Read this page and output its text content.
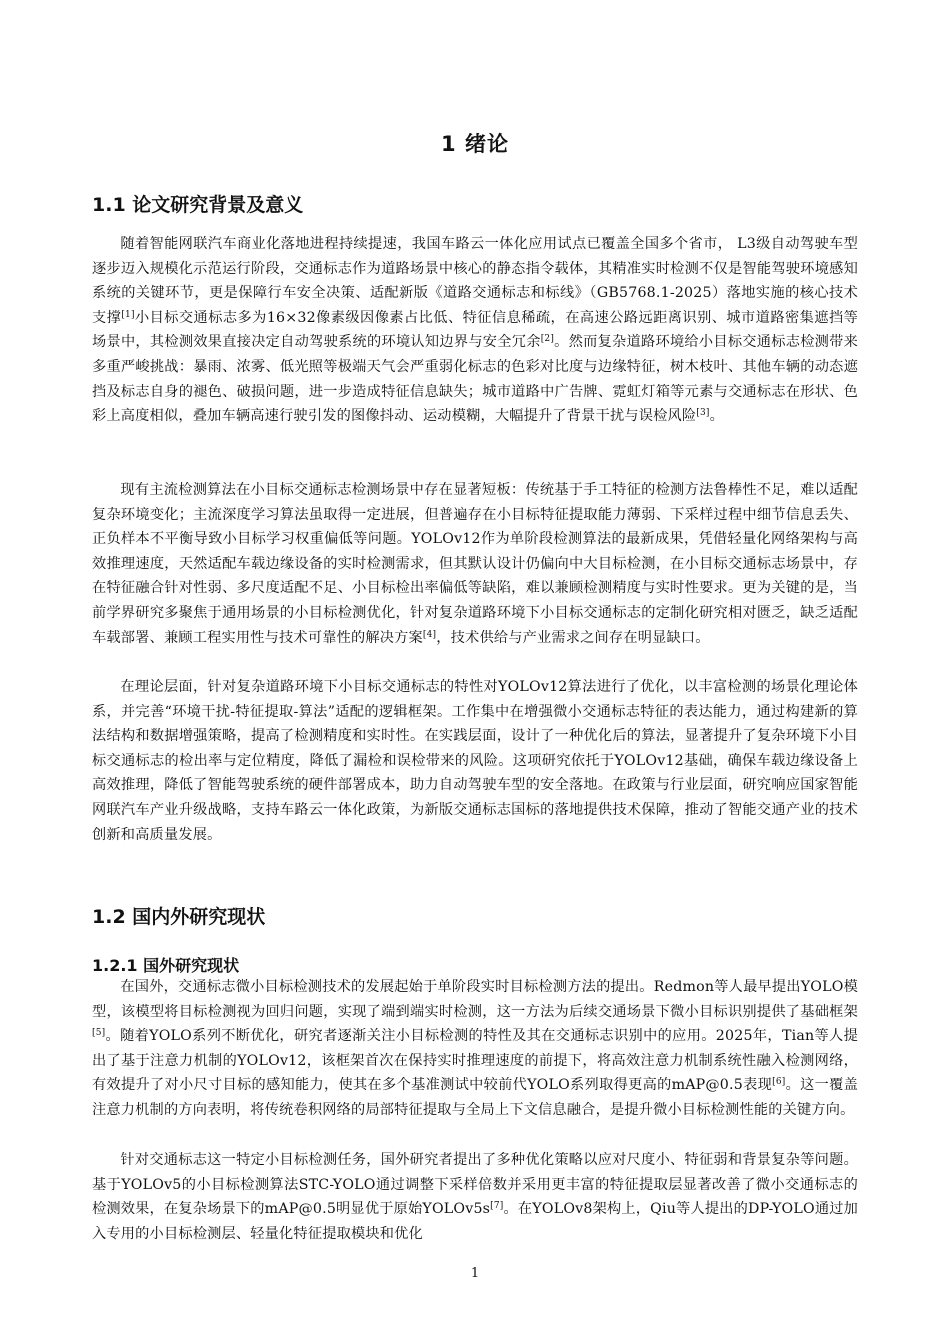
1 绪论
1.1 论文研究背景及意义

随着智能网联汽车商业化落地进程持续提速，我国车路云一体化应用试点已覆盖全国多个省市， L3级自动驾驶车型逐步迈入规模化示范运行阶段，交通标志作为道路场景中核心的静态指令载体，其精准实时检测不仅是智能驾驶环境感知系统的关键环节，更是保障行车安全决策、适配新版《道路交通标志和标线》（GB5768.1-2025）落地实施的核心技术支撑[1]小目标交通标志多为16×32像素级因像素占比低、特征信息稀疏，在高速公路远距离识别、城市道路密集遮挡等场景中，其检测效果直接决定自动驾驶系统的环境认知边界与安全冗余[2]。然而复杂道路环境给小目标交通标志检测带来多重严峻挑战：暴雨、浓雾、低光照等极端天气会严重弱化标志的色彩对比度与边缘特征，树木枝叶、其他车辆的动态遮挡及标志自身的褪色、破损问题，进一步造成特征信息缺失；城市道路中广告牌、霓虹灯箱等元素与交通标志在形状、色彩上高度相似，叠加车辆高速行驶引发的图像抖动、运动模糊，大幅提升了背景干扰与误检风险[3]。

现有主流检测算法在小目标交通标志检测场景中存在显著短板：传统基于手工特征的检测方法鲁棒性不足，难以适配复杂环境变化；主流深度学习算法虽取得一定进展，但普遍存在小目标特征提取能力薄弱、下采样过程中细节信息丢失、正负样本不平衡导致小目标学习权重偏低等问题。YOLOv12作为单阶段检测算法的最新成果，凭借轻量化网络架构与高效推理速度，天然适配车载边缘设备的实时检测需求，但其默认设计仍偏向中大目标检测，在小目标交通标志场景中，存在特征融合针对性弱、多尺度适配不足、小目标检出率偏低等缺陷，难以兼顾检测精度与实时性要求。更为关键的是，当前学界研究多聚焦于通用场景的小目标检测优化，针对复杂道路环境下小目标交通标志的定制化研究相对匮乏，缺乏适配车载部署、兼顾工程实用性与技术可靠性的解决方案[4]，技术供给与产业需求之间存在明显缺口。

在理论层面，针对复杂道路环境下小目标交通标志的特性对YOLOv12算法进行了优化，以丰富检测的场景化理论体系，并完善“环境干扰-特征提取-算法”适配的逻辑框架。工作集中在增强微小交通标志特征的表达能力，通过构建新的算法结构和数据增强策略，提高了检测精度和实时性。在实践层面，设计了一种优化后的算法，显著提升了复杂环境下小目标交通标志的检出率与定位精度，降低了漏检和误检带来的风险。这项研究依托于YOLOv12基础，确保车载边缘设备上高效推理，降低了智能驾驶系统的硬件部署成本，助力自动驾驶车型的安全落地。在政策与行业层面，研究响应国家智能网联汽车产业升级战略，支持车路云一体化政策，为新版交通标志国标的落地提供技术保障，推动了智能交通产业的技术创新和高质量发展。

1.2 国内外研究现状
1.2.1 国外研究现状

在国外，交通标志微小目标检测技术的发展起始于单阶段实时目标检测方法的提出。Redmon等人最早提出YOLO模型，该模型将目标检测视为回归问题，实现了端到端实时检测，这一方法为后续交通场景下微小目标识别提供了基础框架[5]。随着YOLO系列不断优化，研究者逐渐关注小目标检测的特性及其在交通标志识别中的应用。2025年，Tian等人提出了基于注意力机制的YOLOv12，该框架首次在保持实时推理速度的前提下，将高效注意力机制系统性融入检测网络，有效提升了对小尺寸目标的感知能力，使其在多个基准测试中较前代YOLO系列取得更高的mAP@0.5表现[6]。这一覆盖注意力机制的方向表明，将传统卷积网络的局部特征提取与全局上下文信息融合，是提升微小目标检测性能的关键方向。

针对交通标志这一特定小目标检测任务，国外研究者提出了多种优化策略以应对尺度小、特征弱和背景复杂等问题。基于YOLOv5的小目标检测算法STC-YOLO通过调整下采样倍数并采用更丰富的特征提取层显著改善了微小交通标志的检测效果，在复杂场景下的mAP@0.5明显优于原始YOLOv5s[7]。在YOLOv8架构上，Qiu等人提出的DP-YOLO通过加入专用的小目标检测层、轻量化特征提取模块和优化

1
